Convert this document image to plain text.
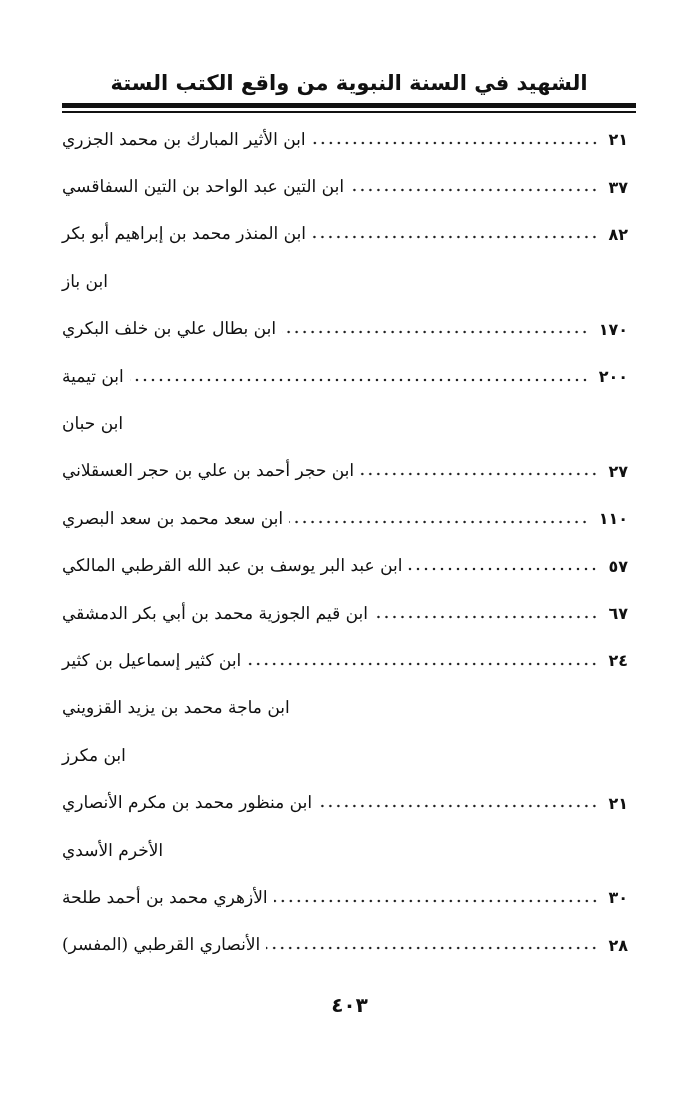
الشهيد في السنة النبوية من واقع الكتب الستة
ابن الأثير المبارك بن محمد الجزري	٢١
ابن التين عبد الواحد بن التين السفاقسي	٣٧
ابن المنذر محمد بن إبراهيم أبو بكر	٨٢
ابن باز
ابن بطال علي بن خلف البكري	١٧٠
ابن تيمية	٢٠٠
ابن حبان
ابن حجر أحمد بن علي بن حجر العسقلاني	٢٧
ابن سعد محمد بن سعد البصري	١١٠
ابن عبد البر يوسف بن عبد الله القرطبي المالكي	٥٧
ابن قيم الجوزية محمد بن أبي بكر الدمشقي	٦٧
ابن كثير إسماعيل بن كثير	٢٤
ابن ماجة محمد بن يزيد القزويني
ابن مكرز
ابن منظور محمد بن مكرم الأنصاري	٢١
الأخرم الأسدي
الأزهري محمد بن أحمد طلحة	٣٠
الأنصاري القرطبي (المفسر)	٢٨
٤٠٣
